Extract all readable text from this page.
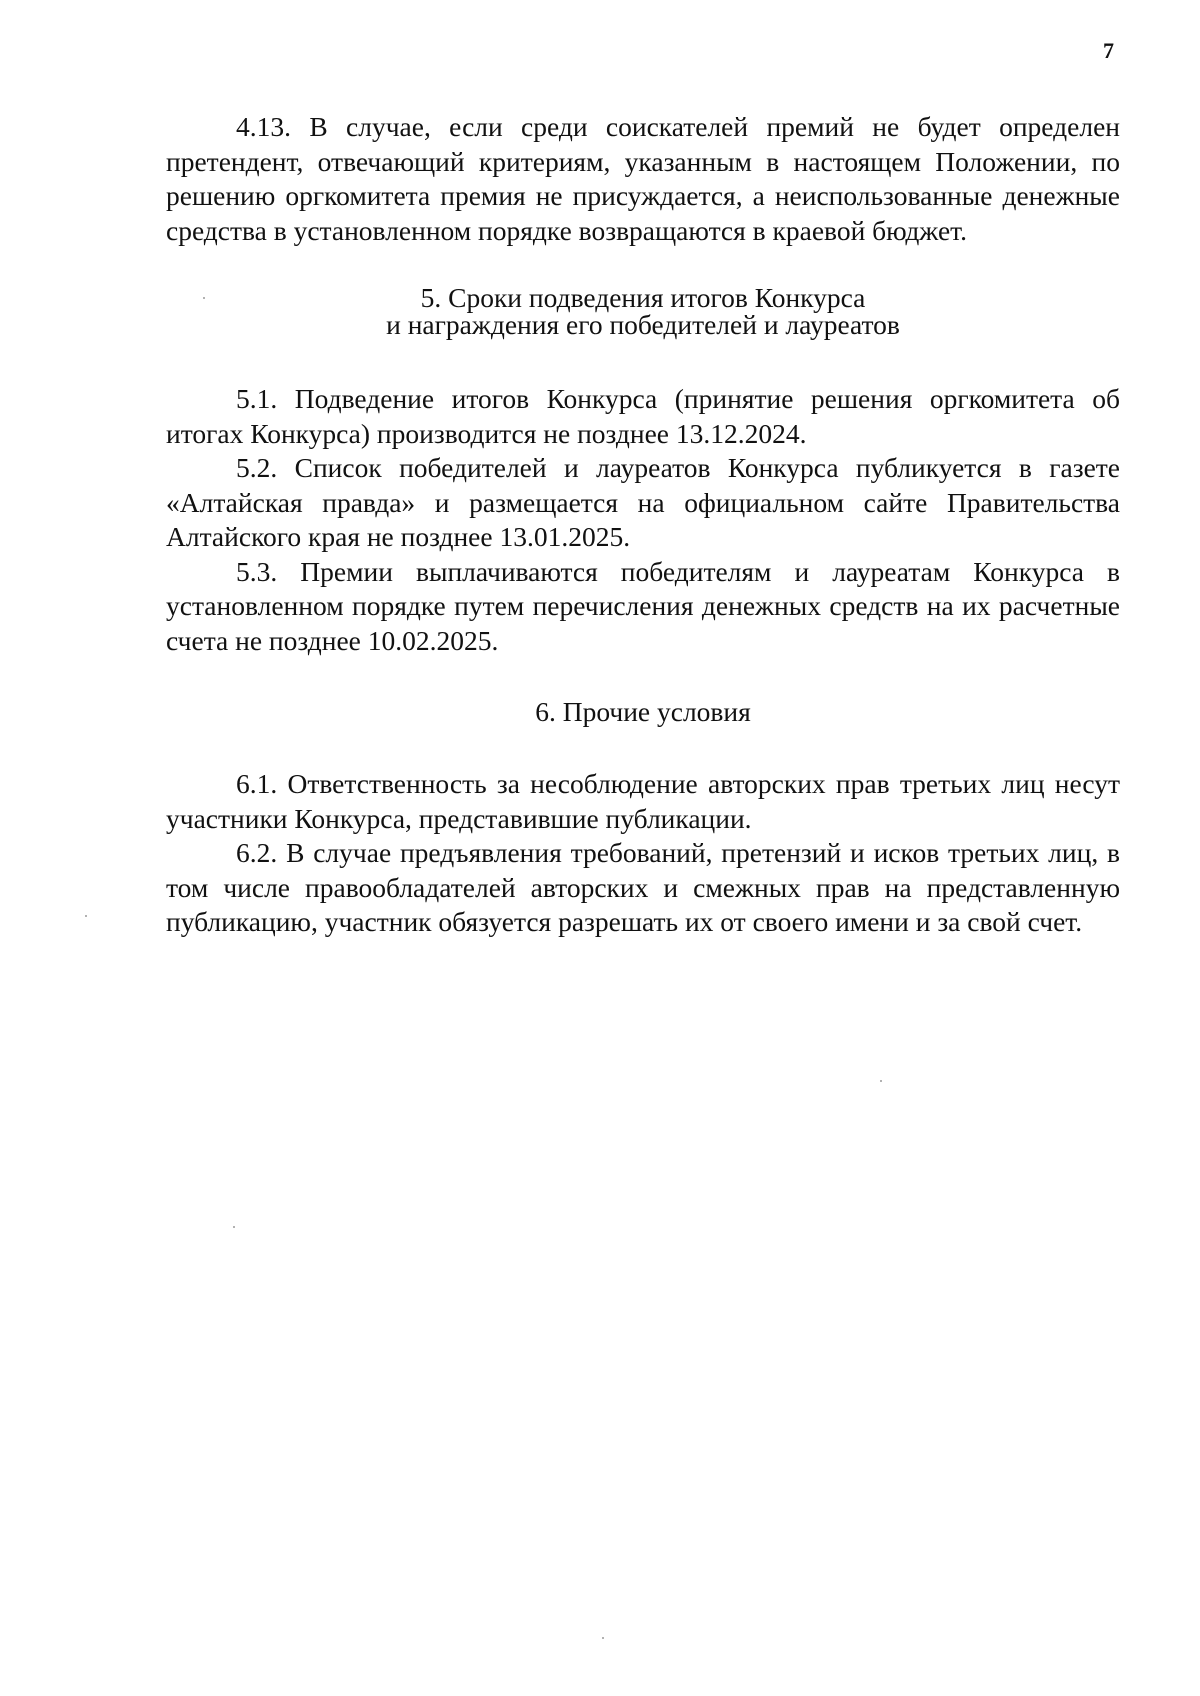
7

4.13. В случае, если среди соискателей премий не будет определен претендент, отвечающий критериям, указанным в настоящем Положении, по решению оргкомитета премия не присуждается, а неиспользованные денежные средства в установленном порядке возвращаются в краевой бюджет.

5. Сроки подведения итогов Конкурса
и награждения его победителей и лауреатов

5.1. Подведение итогов Конкурса (принятие решения оргкомитета об итогах Конкурса) производится не позднее 13.12.2024.

5.2. Список победителей и лауреатов Конкурса публикуется в газете «Алтайская правда» и размещается на официальном сайте Правительства Алтайского края не позднее 13.01.2025.

5.3. Премии выплачиваются победителям и лауреатам Конкурса в установленном порядке путем перечисления денежных средств на их расчетные счета не позднее 10.02.2025.

6. Прочие условия

6.1. Ответственность за несоблюдение авторских прав третьих лиц несут участники Конкурса, представившие публикации.

6.2. В случае предъявления требований, претензий и исков третьих лиц, в том числе правообладателей авторских и смежных прав на представленную публикацию, участник обязуется разрешать их от своего имени и за свой счет.
